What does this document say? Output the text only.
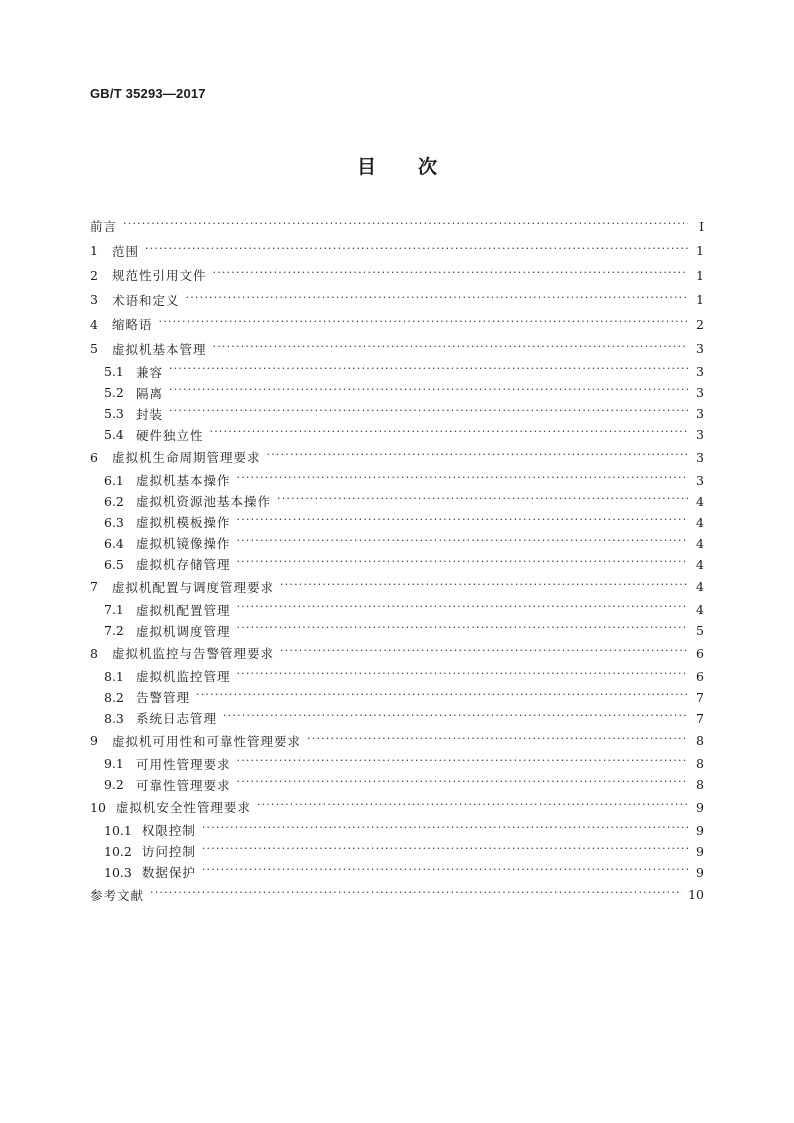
GB/T 35293—2017
目 次
前言 ·····	Ⅰ
1	范围 ·····	1
2	规范性引用文件 ·····	1
3	术语和定义 ·····	1
4	缩略语 ·····	2
5	虚拟机基本管理 ·····	3
5.1 兼容 ·····	3
5.2 隔离 ·····	3
5.3 封装 ·····	3
5.4 硬件独立性 ·····	3
6	虚拟机生命周期管理要求 ·····	3
6.1 虚拟机基本操作 ·····	3
6.2 虚拟机资源池基本操作 ·····	4
6.3 虚拟机模板操作 ·····	4
6.4 虚拟机镜像操作 ·····	4
6.5 虚拟机存储管理 ·····	4
7	虚拟机配置与调度管理要求 ·····	4
7.1 虚拟机配置管理 ·····	4
7.2 虚拟机调度管理 ·····	5
8	虚拟机监控与告警管理要求 ·····	6
8.1 虚拟机监控管理 ·····	6
8.2 告警管理 ·····	7
8.3 系统日志管理 ·····	7
9	虚拟机可用性和可靠性管理要求 ·····	8
9.1 可用性管理要求 ·····	8
9.2 可靠性管理要求 ·····	8
10 虚拟机安全性管理要求 ·····	9
10.1 权限控制 ·····	9
10.2 访问控制 ·····	9
10.3 数据保护 ·····	9
参考文献 ·····	10
